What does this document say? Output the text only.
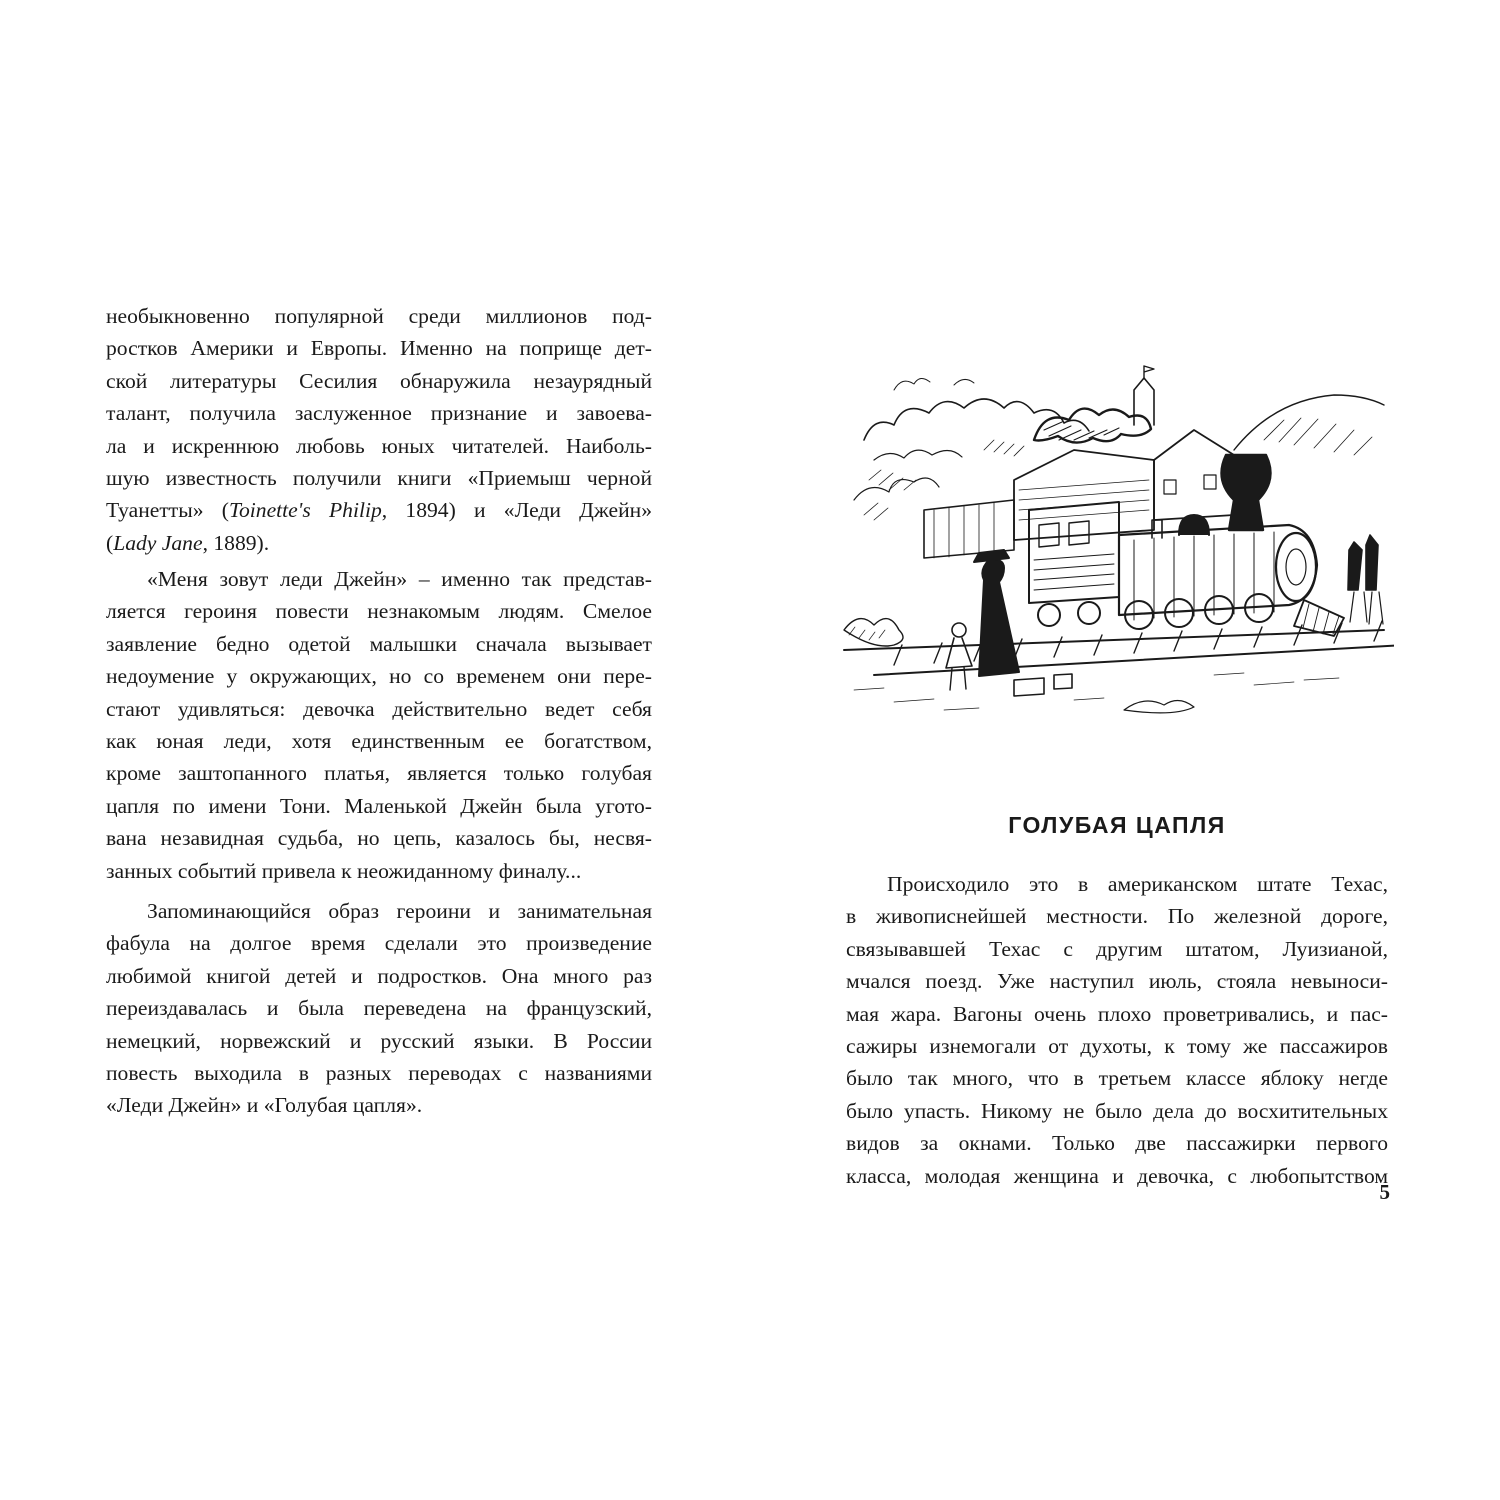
необыкновенно популярной среди миллионов под-
ростков Америки и Европы. Именно на поприще дет-
ской литературы Сесилия обнаружила незаурядный
талант, получила заслуженное признание и завоева-
ла и искреннюю любовь юных читателей. Наиболь-
шую известность получили книги «Приемыш черной
Туанетты» (Toinette's Philip, 1894) и «Леди Джейн»
(Lady Jane, 1889).
«Меня зовут леди Джейн» – именно так представ-
ляется героиня повести незнакомым людям. Смелое
заявление бедно одетой малышки сначала вызывает
недоумение у окружающих, но со временем они пере-
стают удивляться: девочка действительно ведет себя
как юная леди, хотя единственным ее богатством,
кроме заштопанного платья, является только голубая
цапля по имени Тони. Маленькой Джейн была угото-
вана незавидная судьба, но цепь, казалось бы, несвя-
занных событий привела к неожиданному финалу...
Запоминающийся образ героини и занимательная
фабула на долгое время сделали это произведение
любимой книгой детей и подростков. Она много раз
переиздавалась и была переведена на французский,
немецкий, норвежский и русский языки. В России
повесть выходила в разных переводах с названиями
«Леди Джейн» и «Голубая цапля».
ГОЛУБАЯ ЦАПЛЯ
Происходило это в американском штате Техас,
в живописнейшей местности. По железной дороге,
связывавшей Техас с другим штатом, Луизианой,
мчался поезд. Уже наступил июль, стояла невыноси-
мая жара. Вагоны очень плохо проветривались, и пас-
сажиры изнемогали от духоты, к тому же пассажиров
было так много, что в третьем классе яблоку негде
было упасть. Никому не было дела до восхитительных
видов за окнами. Только две пассажирки первого
класса, молодая женщина и девочка, с любопытством
5
